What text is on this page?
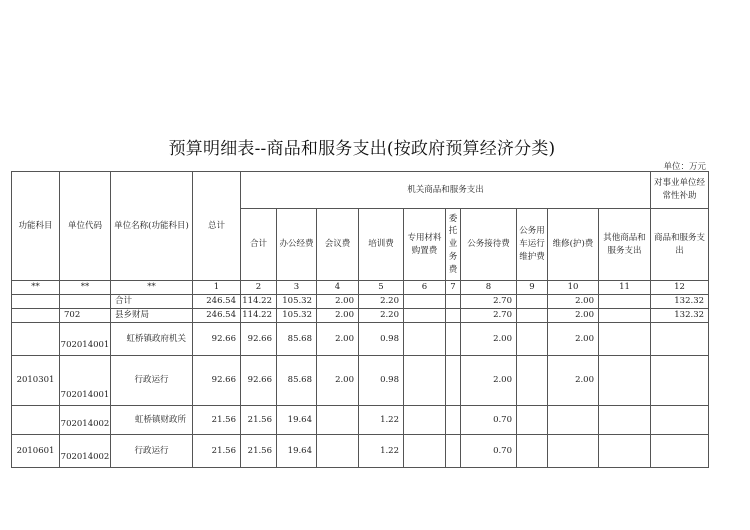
预算明细表--商品和服务支出(按政府预算经济分类)
单位：万元
功能科目	单位代码	单位名称(功能科目)	总计	机关商品和服务支出										对事业单位经常性补助
				合计	办公经费	会议费	培训费	专用材料购置费	委托业务费	公务接待费	公务用车运行维护费	维修(护)费	其他商品和服务支出	商品和服务支出
**	**	**	1	2	3	4	5	6	7	8	9	10	11	12
		合计	246.54	114.22	105.32	2.00	2.20			2.70		2.00		132.32
	702	县乡财局	246.54	114.22	105.32	2.00	2.20			2.70		2.00		132.32
	702014001	虹桥镇政府机关	92.66	92.66	85.68	2.00	0.98			2.00		2.00		
2010301	702014001	行政运行	92.66	92.66	85.68	2.00	0.98			2.00		2.00		
	702014002	虹桥镇财政所	21.56	21.56	19.64		1.22			0.70				
2010601	702014002	行政运行	21.56	21.56	19.64		1.22			0.70				
